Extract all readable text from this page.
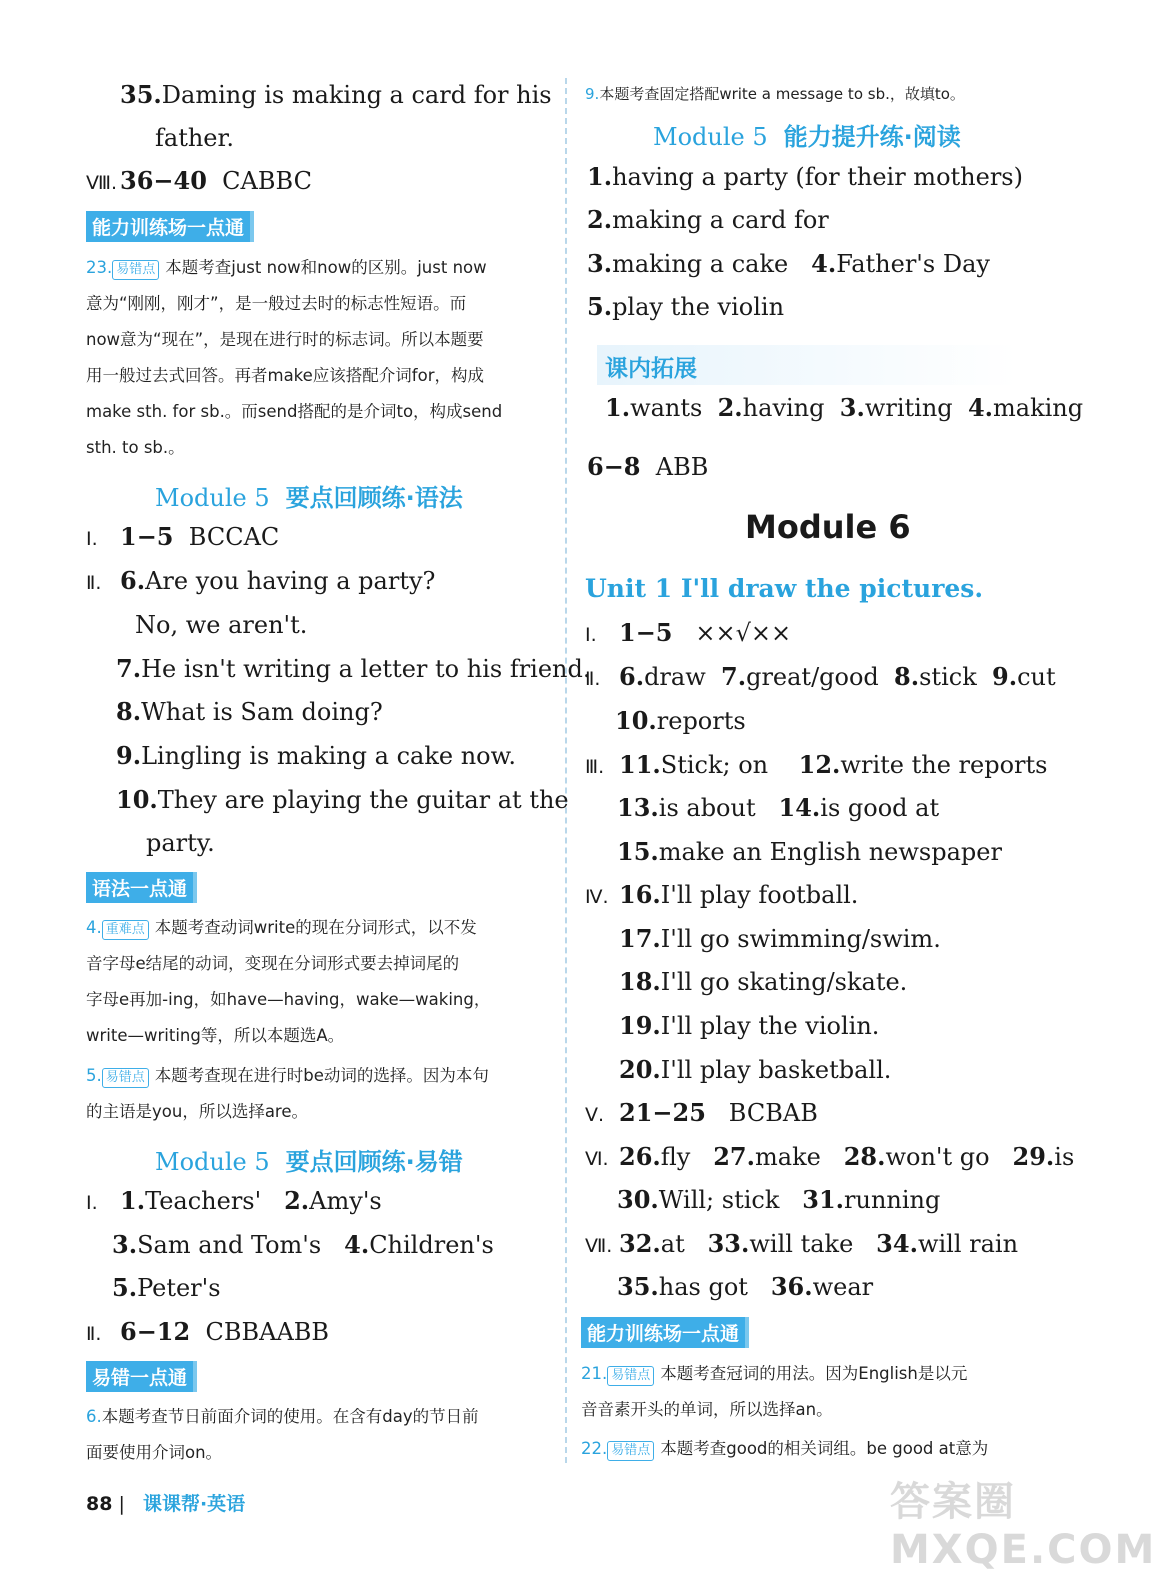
35.Daming is making a card for his
father.
Ⅷ. 36−40 CABBC
能力训练场一点通
23. 易错点 本题考查just now和now的区别。just now
意为“刚刚，刚才”，是一般过去时的标志性短语。而
now意为“现在”，是现在进行时的标志词。所以本题要
用一般过去式回答。再者make应该搭配介词for，构成
make sth. for sb.。而send搭配的是介词to，构成send
sth. to sb.。
Module 5 要点回顾练·语法
Ⅰ. 1−5 BCCAC
Ⅱ. 6.Are you having a party?
No, we aren't.
7.He isn't writing a letter to his friend.
8.What is Sam doing?
9.Lingling is making a cake now.
10.They are playing the guitar at the
party.
语法一点通
4. 重难点 本题考查动词write的现在分词形式，以不发
音字母e结尾的动词，变现在分词形式要去掉词尾的
字母e再加-ing，如have—having，wake—waking，
write—writing等，所以本题选A。
5. 易错点 本题考查现在进行时be动词的选择。因为本句
的主语是you，所以选择are。
Module 5 要点回顾练·易错
Ⅰ. 1.Teachers' 2.Amy's
3.Sam and Tom's 4.Children's
5.Peter's
Ⅱ. 6−12 CBBAABB
易错一点通
6.本题考查节日前面介词的使用。在含有day的节日前
面要使用介词on。
9.本题考查固定搭配write a message to sb.，故填to。
Module 5 能力提升练·阅读
1.having a party (for their mothers)
2.making a card for
3.making a cake 4.Father's Day
5.play the violin
课内拓展
1.wants 2.having 3.writing 4.making
6−8 ABB
Module 6
Unit 1 I'll draw the pictures.
Ⅰ. 1−5 ××√××
Ⅱ. 6.draw 7.great/good 8.stick 9.cut
10.reports
Ⅲ. 11.Stick; on 12.write the reports
13.is about 14.is good at
15.make an English newspaper
Ⅳ. 16.I'll play football.
17.I'll go swimming/swim.
18.I'll go skating/skate.
19.I'll play the violin.
20.I'll play basketball.
Ⅴ. 21−25 BCBAB
Ⅵ. 26.fly 27.make 28.won't go 29.is
30.Will; stick 31.running
Ⅶ. 32.at 33.will take 34.will rain
35.has got 36.wear
能力训练场一点通
21. 易错点 本题考查冠词的用法。因为English是以元
音音素开头的单词，所以选择an。
22. 易错点 本题考查good的相关词组。be good at意为
88 | 课课帮·英语	答案圈 MXQE.COM
